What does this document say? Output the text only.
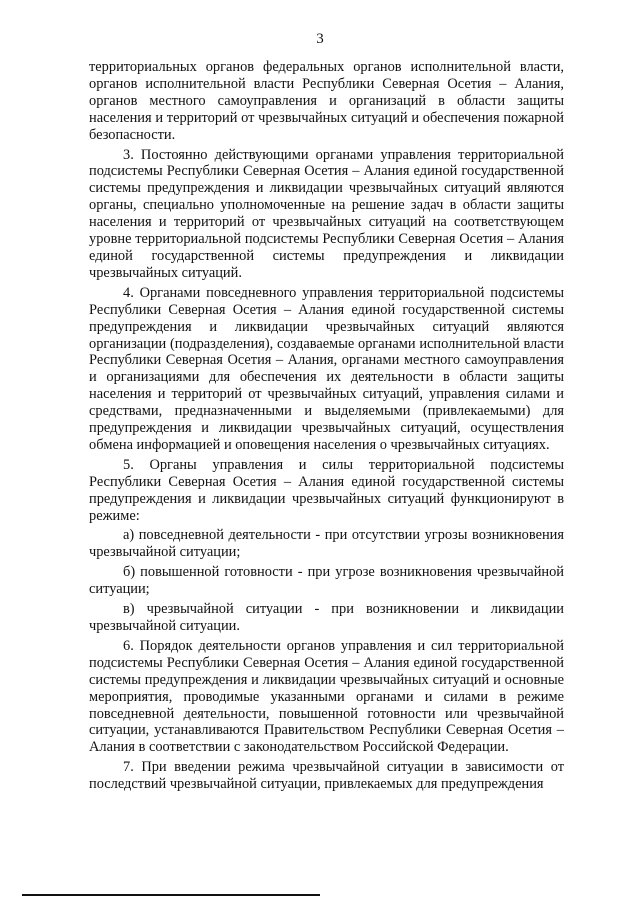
3

территориальных органов федеральных органов исполнительной власти, органов исполнительной власти Республики Северная Осетия – Алания, органов местного самоуправления и организаций в области защиты населения и территорий от чрезвычайных ситуаций и обеспечения пожарной безопасности.

3. Постоянно действующими органами управления территориальной подсистемы Республики Северная Осетия – Алания единой государственной системы предупреждения и ликвидации чрезвычайных ситуаций являются органы, специально уполномоченные на решение задач в области защиты населения и территорий от чрезвычайных ситуаций на соответствующем уровне территориальной подсистемы Республики Северная Осетия – Алания единой государственной системы предупреждения и ликвидации чрезвычайных ситуаций.

4. Органами повседневного управления территориальной подсистемы Республики Северная Осетия – Алания единой государственной системы предупреждения и ликвидации чрезвычайных ситуаций являются организации (подразделения), создаваемые органами исполнительной власти Республики Северная Осетия – Алания, органами местного самоуправления и организациями для обеспечения их деятельности в области защиты населения и территорий от чрезвычайных ситуаций, управления силами и средствами, предназначенными и выделяемыми (привлекаемыми) для предупреждения и ликвидации чрезвычайных ситуаций, осуществления обмена информацией и оповещения населения о чрезвычайных ситуациях.

5. Органы управления и силы территориальной подсистемы Республики Северная Осетия – Алания единой государственной системы предупреждения и ликвидации чрезвычайных ситуаций функционируют в режиме:

а) повседневной деятельности - при отсутствии угрозы возникновения чрезвычайной ситуации;

б) повышенной готовности - при угрозе возникновения чрезвычайной ситуации;

в) чрезвычайной ситуации - при возникновении и ликвидации чрезвычайной ситуации.

6. Порядок деятельности органов управления и сил территориальной подсистемы Республики Северная Осетия – Алания единой государственной системы предупреждения и ликвидации чрезвычайных ситуаций и основные мероприятия, проводимые указанными органами и силами в режиме повседневной деятельности, повышенной готовности или чрезвычайной ситуации, устанавливаются Правительством Республики Северная Осетия – Алания в соответствии с законодательством Российской Федерации.

7. При введении режима чрезвычайной ситуации в зависимости от последствий чрезвычайной ситуации, привлекаемых для предупреждения
